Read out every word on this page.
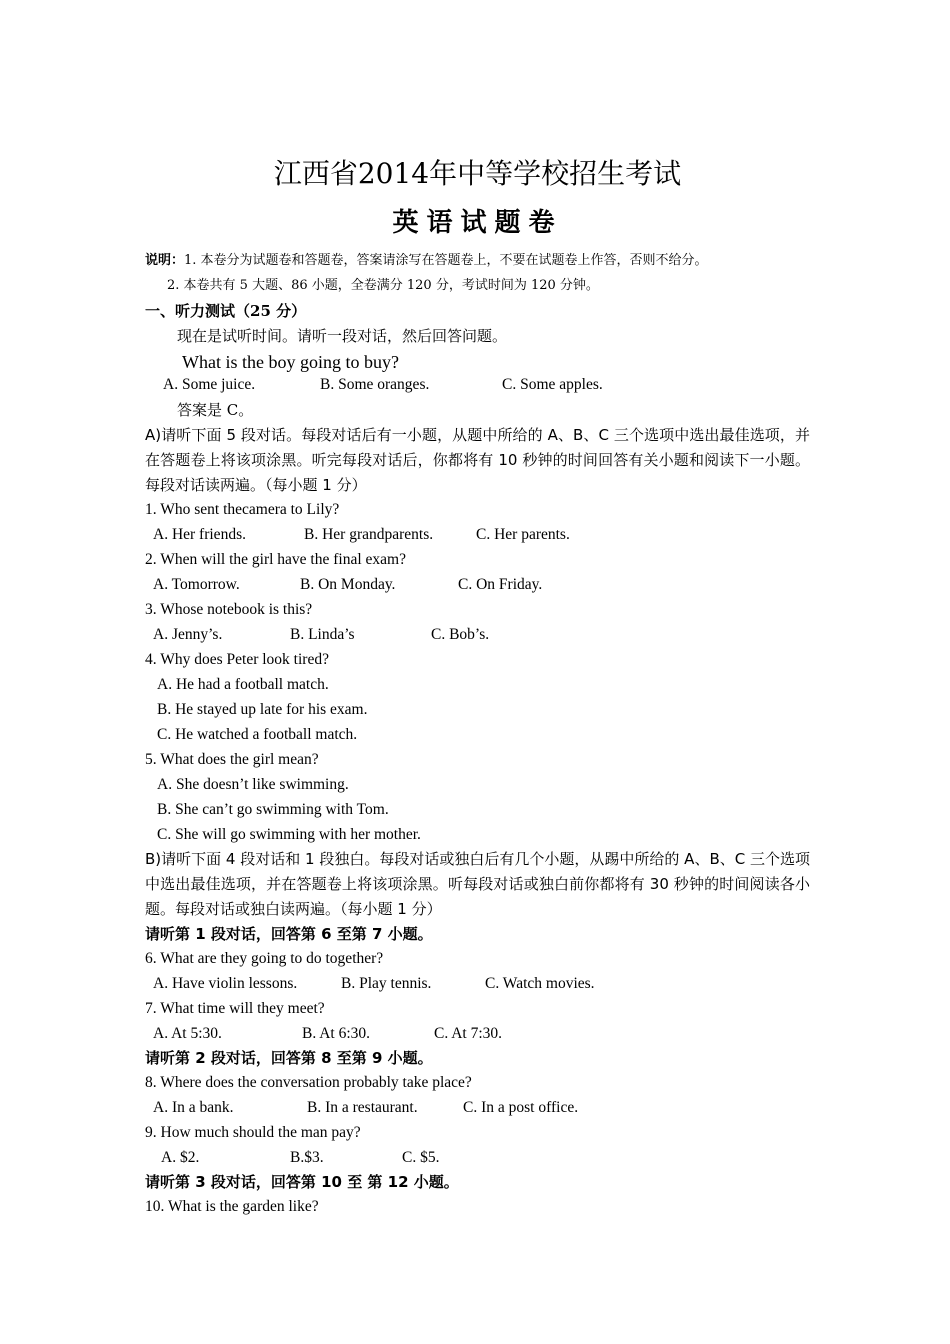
江西省2014年中等学校招生考试
英语试题卷
说明：1. 本卷分为试题卷和答题卷，答案请涂写在答题卷上，不要在试题卷上作答，否则不给分。
2. 本卷共有 5 大题、86 小题，全卷满分 120 分，考试时间为 120 分钟。
一、听力测试（25 分）
现在是试听时间。请听一段对话，然后回答问题。
What is the boy going to buy?
A. Some juice.	B. Some oranges.	C. Some apples.
答案是 C。
A)请听下面 5 段对话。每段对话后有一小题，从题中所给的 A、B、C 三个选项中选出最佳选项，并在答题卷上将该项涂黑。听完每段对话后，你都将有 10 秒钟的时间回答有关小题和阅读下一小题。每段对话读两遍。（每小题 1 分）
1. Who sent thecamera to Lily?
A. Her friends.	B. Her grandparents.	C. Her parents.
2. When will the girl have the final exam?
A. Tomorrow.	B. On Monday.	C. On Friday.
3. Whose notebook is this?
A. Jenny’s.	B. Linda’s	C. Bob’s.
4. Why does Peter look tired?
A. He had a football match.
B. He stayed up late for his exam.
C. He watched a football match.
5. What does the girl mean?
A. She doesn’t like swimming.
B. She can’t go swimming with Tom.
C. She will go swimming with her mother.
B)请听下面 4 段对话和 1 段独白。每段对话或独白后有几个小题，从踢中所给的 A、B、C 三个选项中选出最佳选项，并在答题卷上将该项涂黑。听每段对话或独白前你都将有 30 秒钟的时间阅读各小题。每段对话或独白读两遍。（每小题 1 分）
请听第 1 段对话，回答第 6 至第 7 小题。
6. What are they going to do together?
A. Have violin lessons.	B. Play tennis.	C. Watch movies.
7. What time will they meet?
A. At 5:30.	B. At 6:30.	C. At 7:30.
请听第 2 段对话，回答第 8 至第 9 小题。
8. Where does the conversation probably take place?
A. In a bank.	B. In a restaurant.	C. In a post office.
9. How much should the man pay?
A. $2.	B.$3.	C. $5.
请听第 3 段对话，回答第 10 至 第 12 小题。
10. What is the garden like?
